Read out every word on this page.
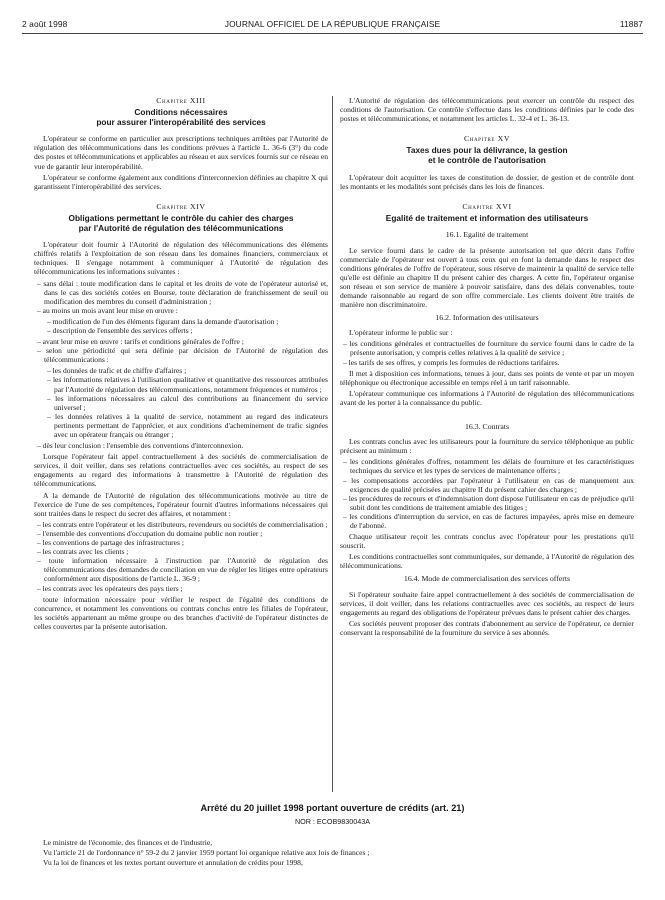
2 août 1998	JOURNAL OFFICIEL DE LA RÉPUBLIQUE FRANÇAISE	11887
Chapitre XIII
Conditions nécessaires
pour assurer l'interopérabilité des services

L'opérateur se conforme en particulier aux prescriptions techniques arrêtées par l'Autorité de régulation des télécommunications dans les conditions prévues à l'article L. 36-6 (3°) du code des postes et télécommunications et applicables au réseau et aux services fournis sur ce réseau en vue de garantir leur interopérabilité.

L'opérateur se conforme également aux conditions d'interconnexion définies au chapitre X qui garantissent l'interopérabilité des services.

Chapitre XIV
Obligations permettant le contrôle du cahier des charges
par l'Autorité de régulation des télécommunications

L'opérateur doit fournir à l'Autorité de régulation des télécommunications des éléments chiffrés relatifs à l'exploitation de son réseau dans les domaines financiers, commerciaux et techniques. Il s'engage notamment à communiquer à l'Autorité de régulation des télécommunications les informations suivantes :

– sans délai : toute modification dans le capital et les droits de vote de l'opérateur autorisé et, dans le cas des sociétés cotées en Bourse, toute déclaration de franchissement de seuil ou modification des membres du conseil d'administration ;
– au moins un mois avant leur mise en œuvre :
– modification de l'un des éléments figurant dans la demande d'autorisation ;
– description de l'ensemble des services offerts ;
– avant leur mise en œuvre : tarifs et conditions générales de l'offre ;
– selon une périodicité qui sera définie par décision de l'Autorité de régulation des télécommunications :
– les données de trafic et de chiffre d'affaires ;
– les informations relatives à l'utilisation qualitative et quantitative des ressources attribuées par l'Autorité de régulation des télécommunications, notamment fréquences et numéros ;
– les informations nécessaires au calcul des contributions au financement du service universel ;
– les données relatives à la qualité de service, notamment au regard des indicateurs pertinents permettant de l'apprécier, et aux conditions d'acheminement de trafic signées avec un opérateur français ou étranger ;
– dès leur conclusion : l'ensemble des conventions d'interconnexion.

Lorsque l'opérateur fait appel contractuellement à des sociétés de commercialisation de services, il doit veiller, dans ses relations contractuelles avec ces sociétés, au respect de ses engagements au regard des informations à transmettre à l'Autorité de régulation des télécommunications.

A la demande de l'Autorité de régulation des télécommunications motivée au titre de l'exercice de l'une de ses compétences, l'opérateur fournit d'autres informations nécessaires qui sont traitées dans le respect du secret des affaires, et notamment :

– les contrats entre l'opérateur et les distributeurs, revendeurs ou sociétés de commercialisation ;
– l'ensemble des conventions d'occupation du domaine public non routier ;
– les conventions de partage des infrastructures ;
– les contrats avec les clients ;
– toute information nécessaire à l'instruction par l'Autorité de régulation des télécommunications des demandes de conciliation en vue de régler les litiges entre opérateurs conformément aux dispositions de l'article L. 36-9 ;
– les contrats avec les opérateurs des pays tiers ;

toute information nécessaire pour vérifier le respect de l'égalité des conditions de concurrence, et notamment les conventions ou contrats conclus entre les filiales de l'opérateur, les sociétés appartenant au même groupe ou des branches d'activité de l'opérateur distinctes de celles couvertes par la présente autorisation.

L'Autorité de régulation des télécommunications peut exercer un contrôle du respect des conditions de l'autorisation. Ce contrôle s'effectue dans les conditions définies par le code des postes et télécommunications, et notamment les articles L. 32-4 et L. 36-13.

Chapitre XV
Taxes dues pour la délivrance, la gestion
et le contrôle de l'autorisation

L'opérateur doit acquitter les taxes de constitution de dossier, de gestion et de contrôle dont les montants et les modalités sont précisés dans les lois de finances.

Chapitre XVI
Egalité de traitement et information des utilisateurs
16.1. Egalité de traitement

Le service fourni dans le cadre de la présente autorisation tel que décrit dans l'offre commerciale de l'opérateur est ouvert à tous ceux qui en font la demande dans le respect des conditions générales de l'offre de l'opérateur, sous réserve de maintenir la qualité de service telle qu'elle est définie au chapitre II du présent cahier des charges. A cette fin, l'opérateur organise son réseau et son service de manière à pouvoir satisfaire, dans des délais convenables, toute demande raisonnable au regard de son offre commerciale. Les clients doivent être traités de manière non discriminatoire.

16.2. Information des utilisateurs

L'opérateur informe le public sur :

– les conditions générales et contractuelles de fourniture du service fourni dans le cadre de la présente autorisation, y compris celles relatives à la qualité de service ;
– les tarifs de ses offres, y compris les formules de réductions tarifaires.

Il met à disposition ces informations, tenues à jour, dans ses points de vente et par un moyen téléphonique ou électronique accessible en temps réel à un tarif raisonnable.

L'opérateur communique ces informations à l'Autorité de régulation des télécommunications avant de les porter à la connaissance du public.

16.3. Contrats

Les contrats conclus avec les utilisateurs pour la fourniture du service téléphonique au public précisent au minimum :

– les conditions générales d'offres, notamment les délais de fourniture et les caractéristiques techniques du service et les types de services de maintenance offerts ;
– les compensations accordées par l'opérateur à l'utilisateur en cas de manquement aux exigences de qualité précisées au chapitre II du présent cahier des charges ;
– les procédures de recours et d'indemnisation dont dispose l'utilisateur en cas de préjudice qu'il subit dont les conditions de traitement amiable des litiges ;
– les conditions d'interruption du service, en cas de factures impayées, après mise en demeure de l'abonné.

Chaque utilisateur reçoit les contrats conclus avec l'opérateur pour les prestations qu'il souscrit.

Les conditions contractuelles sont communiquées, sur demande, à l'Autorité de régulation des télécommunications.

16.4. Mode de commercialisation des services offerts

Si l'opérateur souhaite faire appel contractuellement à des sociétés de commercialisation de services, il doit veiller, dans les relations contractuelles avec ces sociétés, au respect de leurs engagements au regard des obligations de l'opérateur prévues dans le présent cahier des charges.

Ces sociétés peuvent proposer des contrats d'abonnement au service de l'opérateur, ce dernier conservant la responsabilité de la fourniture du service à ses abonnés.

Arrêté du 20 juillet 1998 portant ouverture de crédits (art. 21)
NOR : ECOB9830043A
Le ministre de l'économie, des finances et de l'industrie,
Vu l'article 21 de l'ordonnance n° 59-2 du 2 janvier 1959 portant loi organique relative aux lois de finances ;
Vu la loi de finances et les textes portant ouverture et annulation de crédits pour 1998,
